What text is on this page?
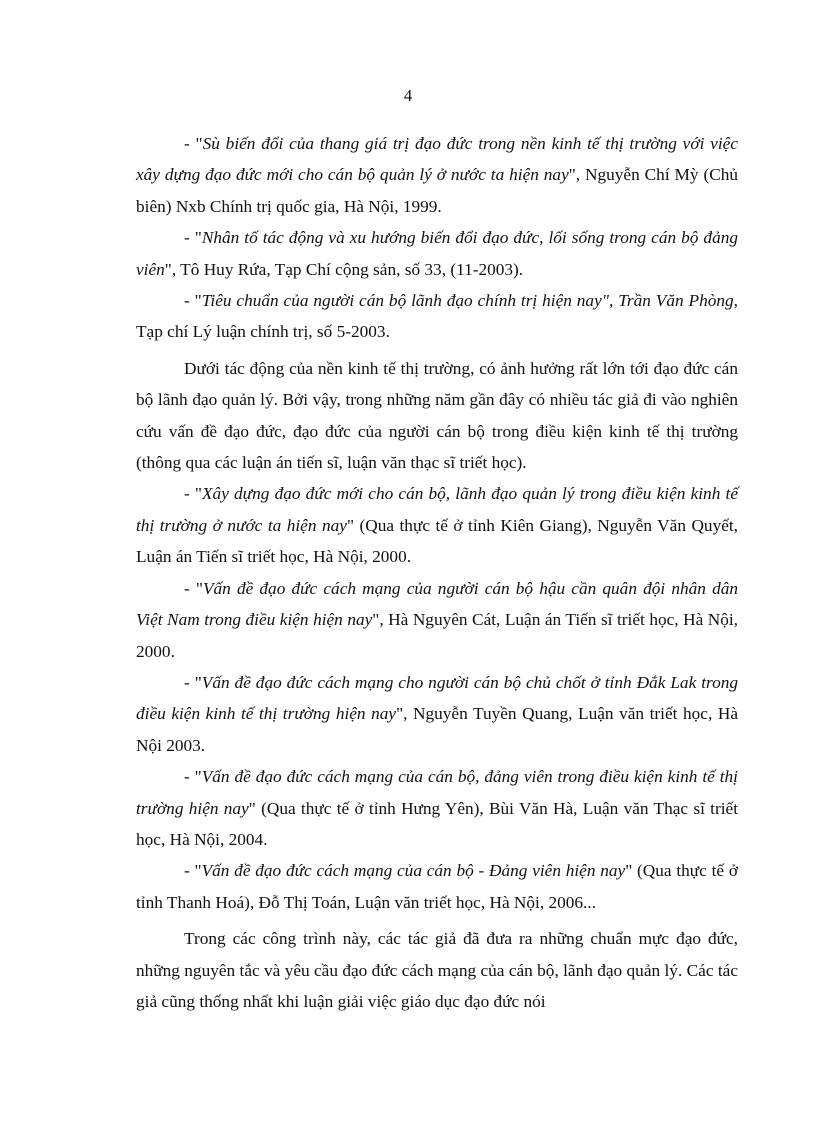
4

- "Sù biến đổi của thang giá trị đạo đức trong nền kinh tế thị trường với việc xây dựng đạo đức mới cho cán bộ quản lý ở nước ta hiện nay", Nguyễn Chí Mỳ (Chủ biên) Nxb Chính trị quốc gia, Hà Nội, 1999.

- "Nhân tố tác động và xu hướng biến đổi đạo đức, lối sống trong cán bộ đảng viên", Tô Huy Rứa, Tạp Chí cộng sản, số 33, (11-2003).

- "Tiêu chuẩn của người cán bộ lãnh đạo chính trị hiện nay", Trần Văn Phòng, Tạp chí Lý luận chính trị, số 5-2003.

Dưới tác động của nền kinh tế thị trường, có ảnh hưởng rất lớn tới đạo đức cán bộ lãnh đạo quản lý. Bởi vậy, trong những năm gần đây có nhiều tác giả đi vào nghiên cứu vấn đề đạo đức, đạo đức của người cán bộ trong điều kiện kinh tế thị trường (thông qua các luận án tiến sĩ, luận văn thạc sĩ triết học).

- "Xây dựng đạo đức mới cho cán bộ, lãnh đạo quản lý trong điều kiện kinh tế thị trường ở nước ta hiện nay" (Qua thực tế ở tỉnh Kiên Giang), Nguyễn Văn Quyết, Luận án Tiến sĩ triết học, Hà Nội, 2000.

- "Vấn đề đạo đức cách mạng của người cán bộ hậu cần quân đội nhân dân Việt Nam trong điều kiện hiện nay", Hà Nguyên Cát, Luận án Tiến sĩ triết học, Hà Nội, 2000.

- "Vấn đề đạo đức cách mạng cho người cán bộ chủ chốt ở tỉnh Đắk Lak trong điều kiện kinh tế thị trường hiện nay", Nguyễn Tuyền Quang, Luận văn triết học, Hà Nội 2003.

- "Vấn đề đạo đức cách mạng của cán bộ, đảng viên trong điều kiện kinh tế thị trường hiện nay" (Qua thực tế ở tỉnh Hưng Yên), Bùi Văn Hà, Luận văn Thạc sĩ triết học, Hà Nội, 2004.

- "Vấn đề đạo đức cách mạng của cán bộ - Đảng viên hiện nay" (Qua thực tế ở tỉnh Thanh Hoá), Đỗ Thị Toán, Luận văn triết học, Hà Nội, 2006...

Trong các công trình này, các tác giả đã đưa ra những chuẩn mực đạo đức, những nguyên tắc và yêu cầu đạo đức cách mạng của cán bộ, lãnh đạo quản lý. Các tác giả cũng thống nhất khi luận giải việc giáo dục đạo đức nói
